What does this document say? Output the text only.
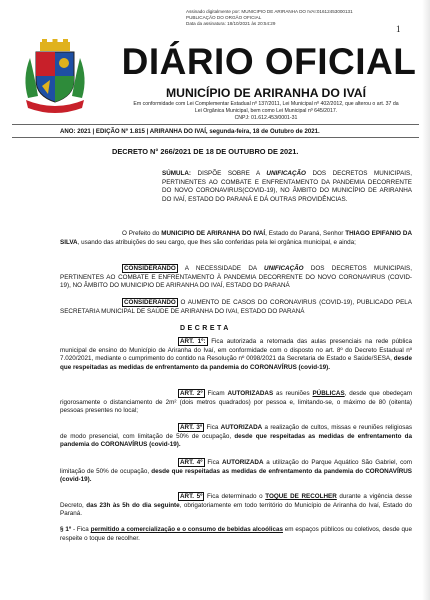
Assinado digitalmente por: MUNICIPIO DE ARIRANHA DO IVAI:01612453000131
PUBLICAÇÃO DO ORGÃO OFICIAL
Data da assinatura: 18/10/2021 às 20:54:29
1
DIÁRIO OFICIAL
MUNICÍPIO DE ARIRANHA DO IVAÍ
Em conformidade com Lei Complementar Estadual nº 137/2011, Lei Municipal nº 402/2012, que alterou o art. 37 da
Lei Orgânica Municipal, bem como Lei Municipal nº 645/2017.
CNPJ: 01.612.453/0001-31
ANO: 2021 | EDIÇÃO Nº 1.815 | ARIRANHA DO IVAÍ, segunda-feira, 18 de Outubro de 2021.
DECRETO N° 266/2021 DE 18 DE OUTUBRO DE 2021.
SÚMULA: DISPÕE SOBRE A UNIFICAÇÃO DOS DECRETOS MUNICIPAIS, PERTINENTES AO COMBATE E ENFRENTAMENTO DA PANDEMIA DECORRENTE DO NOVO CORONAVIRUS(COVID-19), NO ÂMBITO DO MUNICÍPIO DE ARIRANHA DO IVAÍ, ESTADO DO PARANÁ E DÁ OUTRAS PROVIDÊNCIAS.
O Prefeito do MUNICIPIO DE ARIRANHA DO IVAÍ, Estado do Paraná, Senhor THIAGO EPIFANIO DA SILVA, usando das atribuições do seu cargo, que lhes são conferidas pela lei orgânica municipal, e ainda;
CONSIDERANDO A NECESSIDADE DA UNIFICAÇÃO DOS DECRETOS MUNICIPAIS, PERTINENTES AO COMBATE E ENFRENTAMENTO À PANDEMIA DECORRENTE DO NOVO CORONAVIRUS (COVID-19), NO ÂMBITO DO MUNICIPIO DE ARIRANHA DO IVAÍ, ESTADO DO PARANÁ
CONSIDERANDO O AUMENTO DE CASOS DO CORONAVIRUS (COVID-19), PUBLICADO PELA SECRETARIA MUNICIPAL DE SAÚDE DE ARIRANHA DO IVAI, ESTADO DO PARANÁ
DECRETA
ART. 1º: Fica autorizada a retomada das aulas presenciais na rede pública municipal de ensino do Município de Ariranha do Ivaí, em conformidade com o disposto no art. 8º do Decreto Estadual nº 7.020/2021, mediante o cumprimento do contido na Resolução nº 0098/2021 da Secretaria de Estado e Saúde/SESA, desde que respeitadas as medidas de enfrentamento da pandemia do CORONAVÍRUS (covid-19).
ART. 2º Ficam AUTORIZADAS as reuniões PÚBLICAS, desde que obedeçam rigorosamente o distanciamento de 2m² (dois metros quadrados) por pessoa e, limitando-se, o máximo de 80 (oitenta) pessoas presentes no local;
ART. 3º Fica AUTORIZADA a realização de cultos, missas e reuniões religiosas de modo presencial, com limitação de 50% de ocupação, desde que respeitadas as medidas de enfrentamento da pandemia do CORONAVÍRUS (covid-19).
ART. 4º Fica AUTORIZADA a utilização do Parque Aquático São Gabriel, com limitação de 50% de ocupação, desde que respeitadas as medidas de enfrentamento da pandemia do CORONAVÍRUS (covid-19).
ART. 5º Fica determinado o TOQUE DE RECOLHER durante a vigência desse Decreto, das 23h às 5h do dia seguinte, obrigatoriamente em todo território do Município de Ariranha do Ivaí, Estado do Paraná.
§ 1º - Fica permitido a comercialização e o consumo de bebidas alcoólicas em espaços públicos ou coletivos, desde que respeite o toque de recolher.
